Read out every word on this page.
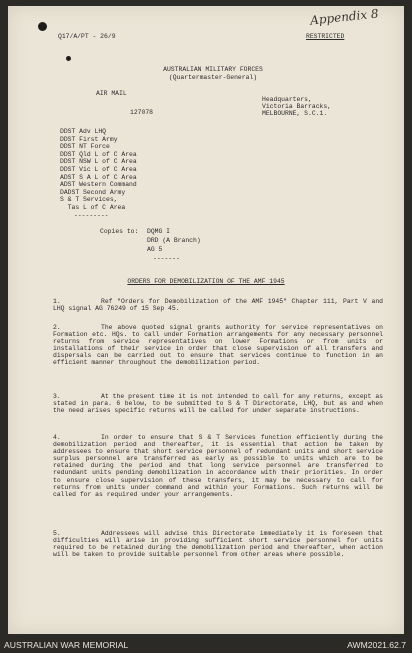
Appendix 8
Q17/A/PT - 26/9	RESTRICTED
AUSTRALIAN MILITARY FORCES
(Quartermaster-General)
AIR MAIL
127078
Headquarters,
Victoria Barracks,
MELBOURNE, S.C.1.
DDST Adv LHQ
DDST First Army
DDST NT Force
DDST Qld L of C Area
DDST NSW L of C Area
DDST Vic L of C Area
ADST S A L of C Area
ADST Western Command
DADST Second Army
S & T Services,
Tas L of C Area
---------
Copies to: DQMG I
DRD (A Branch)
AG 5
-------
ORDERS FOR DEMOBILIZATION OF THE AMF 1945
1.	Ref "Orders for Demobilization of the AMF 1945" Chapter 111, Part V and LHQ signal AG 76249 of 15 Sep 45.
2.	The above quoted signal grants authority for service representatives on Formation etc. HQs. to call under Formation arrangements for any necessary personnel returns from service representatives on lower Formations or from units or installations of their service in order that close supervision of all transfers and dispersals can be carried out to ensure that services continue to function in an efficient manner throughout the demobilization period.
3.	At the present time it is not intended to call for any returns, except as stated in para. 6 below, to be submitted to S & T Directorate, LHQ, but as and when the need arises specific returns will be called for under separate instructions.
4.	In order to ensure that S & T Services function efficiently during the demobilization period and thereafter, it is essential that action be taken by addressees to ensure that short service personnel of redundant units and short service surplus personnel are transferred as early as possible to units which are to be retained during the period and that long service personnel are transferred to redundant units pending demobilization in accordance with their priorities. In order to ensure close supervision of these transfers, it may be necessary to call for returns from units under command and within your Formations. Such returns will be called for as required under your arrangements.
5.	Addressees will advise this Directorate immediately it is foreseen that difficulties will arise in providing sufficient short service personnel for units required to be retained during the demobilization period and thereafter, when action will be taken to provide suitable personnel from other areas where possible.
AUSTRALIAN WAR MEMORIAL	AWM2021.62.7
